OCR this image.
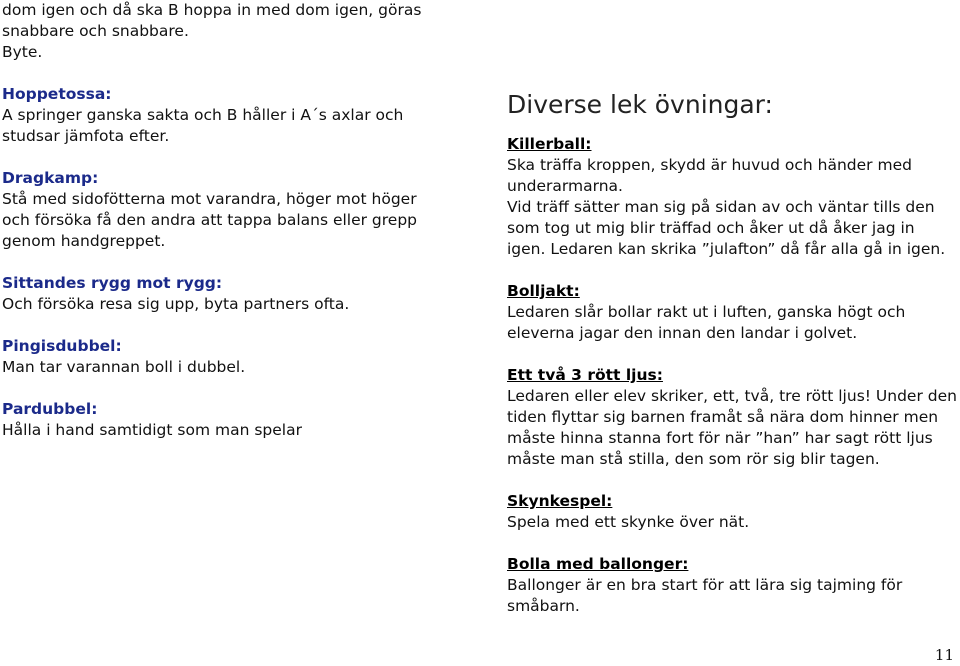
dom igen och då ska B hoppa in med dom igen, göras
snabbare och snabbare.
Byte.
Hoppetossa:
A springer ganska sakta och B håller i A´s axlar och
studsar jämfota efter.
Dragkamp:
Stå med sidofötterna mot varandra, höger mot höger
och försöka få den andra att tappa balans eller grepp
genom handgreppet.
Sittandes rygg mot rygg:
Och försöka resa sig upp, byta partners ofta.
Pingisdubbel:
Man tar varannan boll i dubbel.
Pardubbel:
Hålla i hand samtidigt som man spelar
Diverse lek övningar:
Killerball:
Ska träffa kroppen, skydd är huvud och händer med
underarmarna.
Vid träff sätter man sig på sidan av och väntar tills den
som tog ut mig blir träffad och åker ut då åker jag in
igen. Ledaren kan skrika ”julafton” då får alla gå in igen.
Bolljakt:
Ledaren slår bollar rakt ut i luften, ganska högt och
eleverna jagar den innan den landar i golvet.
Ett två 3 rött ljus:
Ledaren eller elev skriker, ett, två, tre rött ljus! Under den
tiden flyttar sig barnen framåt så nära dom hinner men
måste hinna stanna fort för när ”han” har sagt rött ljus
måste man stå stilla, den som rör sig blir tagen.
Skynkespel:
Spela med ett skynke över nät.
Bolla med ballonger:
Ballonger är en bra start för att lära sig tajming för
småbarn.
11
